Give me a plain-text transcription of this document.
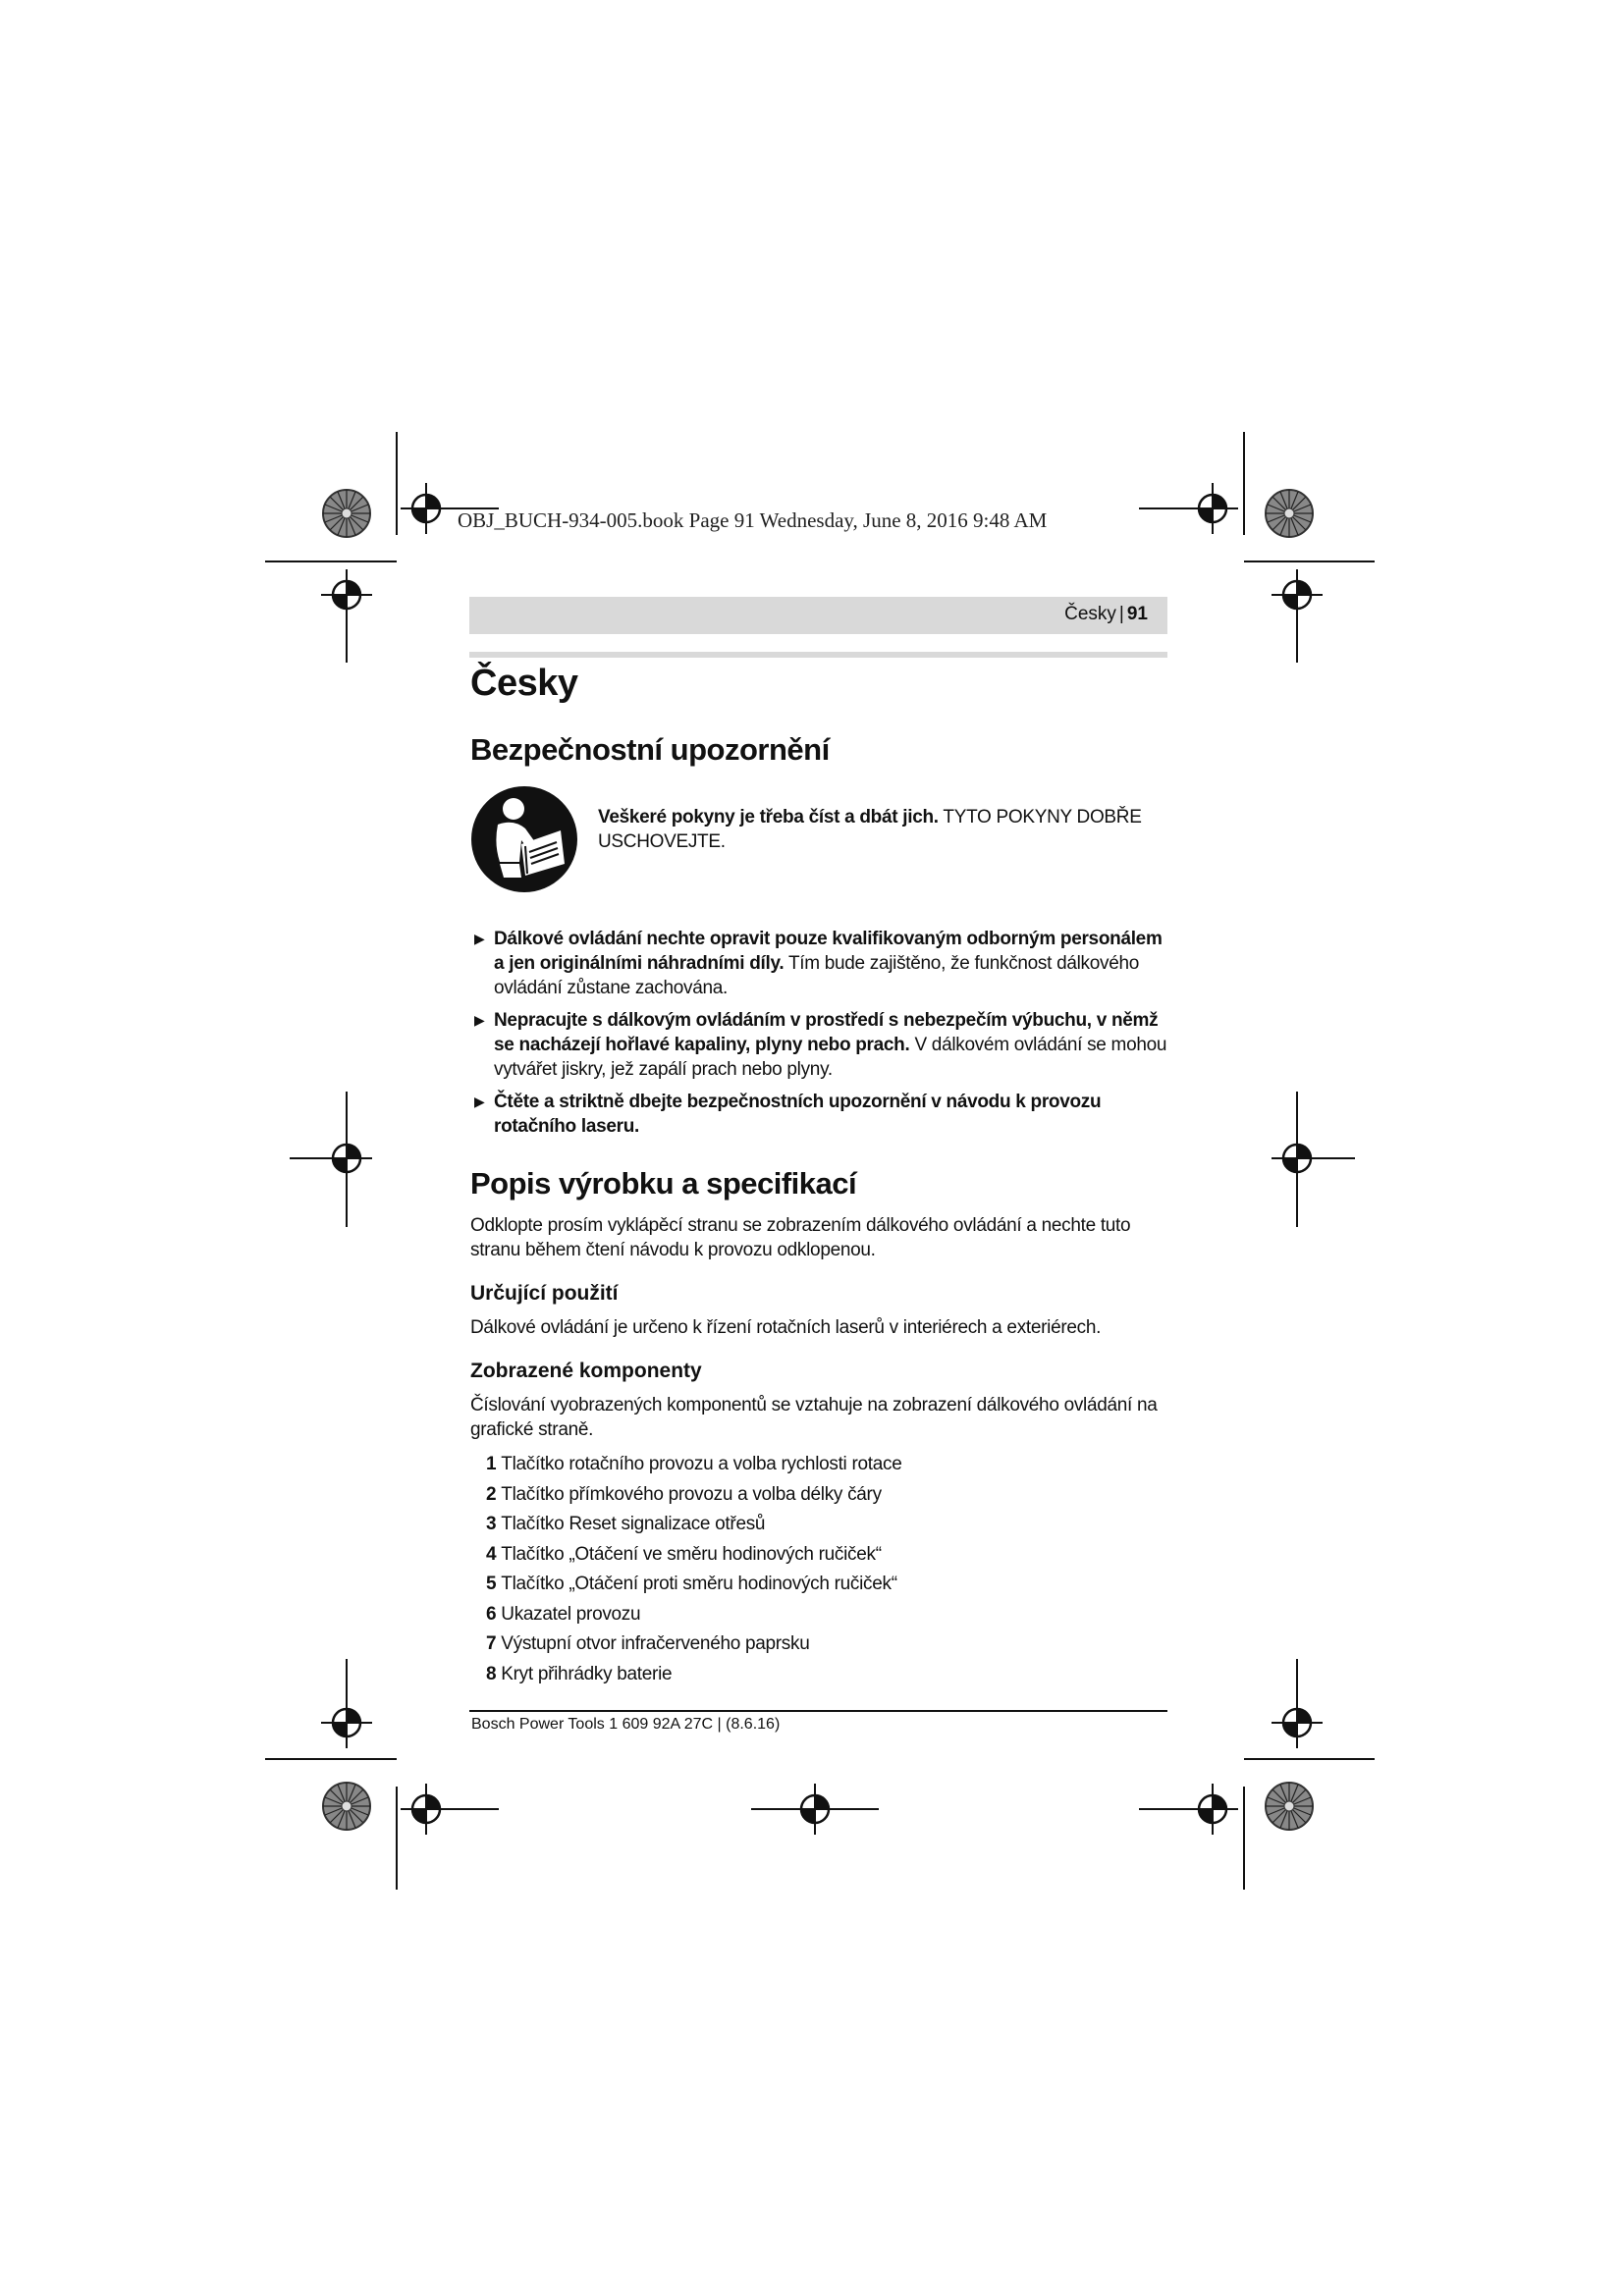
OBJ_BUCH-934-005.book Page 91 Wednesday, June 8, 2016 9:48 AM
Česky | 91
Česky
Bezpečnostní upozornění

Veškeré pokyny je třeba číst a dbát jich. TYTO POKYNY DOBŘE USCHOVEJTE.

▶ Dálkové ovládání nechte opravit pouze kvalifikovaným odborným personálem a jen originálními náhradními díly. Tím bude zajištěno, že funkčnost dálkového ovládání zůstane zachována.
▶ Nepracujte s dálkovým ovládáním v prostředí s nebezpečím výbuchu, v němž se nacházejí hořlavé kapaliny, plyny nebo prach. V dálkovém ovládání se mohou vytvářet jiskry, jež zapálí prach nebo plyny.
▶ Čtěte a striktně dbejte bezpečnostních upozornění v návodu k provozu rotačního laseru.
Popis výrobku a specifikací

Odklopte prosím vyklápěcí stranu se zobrazením dálkového ovládání a nechte tuto stranu během čtení návodu k provozu odklopenou.

Určující použití

Dálkové ovládání je určeno k řízení rotačních laserů v interiérech a exteriérech.

Zobrazené komponenty

Číslování vyobrazených komponentů se vztahuje na zobrazení dálkového ovládání na grafické straně.

1 Tlačítko rotačního provozu a volba rychlosti rotace
2 Tlačítko přímkového provozu a volba délky čáry
3 Tlačítko Reset signalizace otřesů
4 Tlačítko „Otáčení ve směru hodinových ručiček“
5 Tlačítko „Otáčení proti směru hodinových ručiček“
6 Ukazatel provozu
7 Výstupní otvor infračerveného paprsku
8 Kryt přihrádky baterie
Bosch Power Tools 1 609 92A 27C | (8.6.16)
